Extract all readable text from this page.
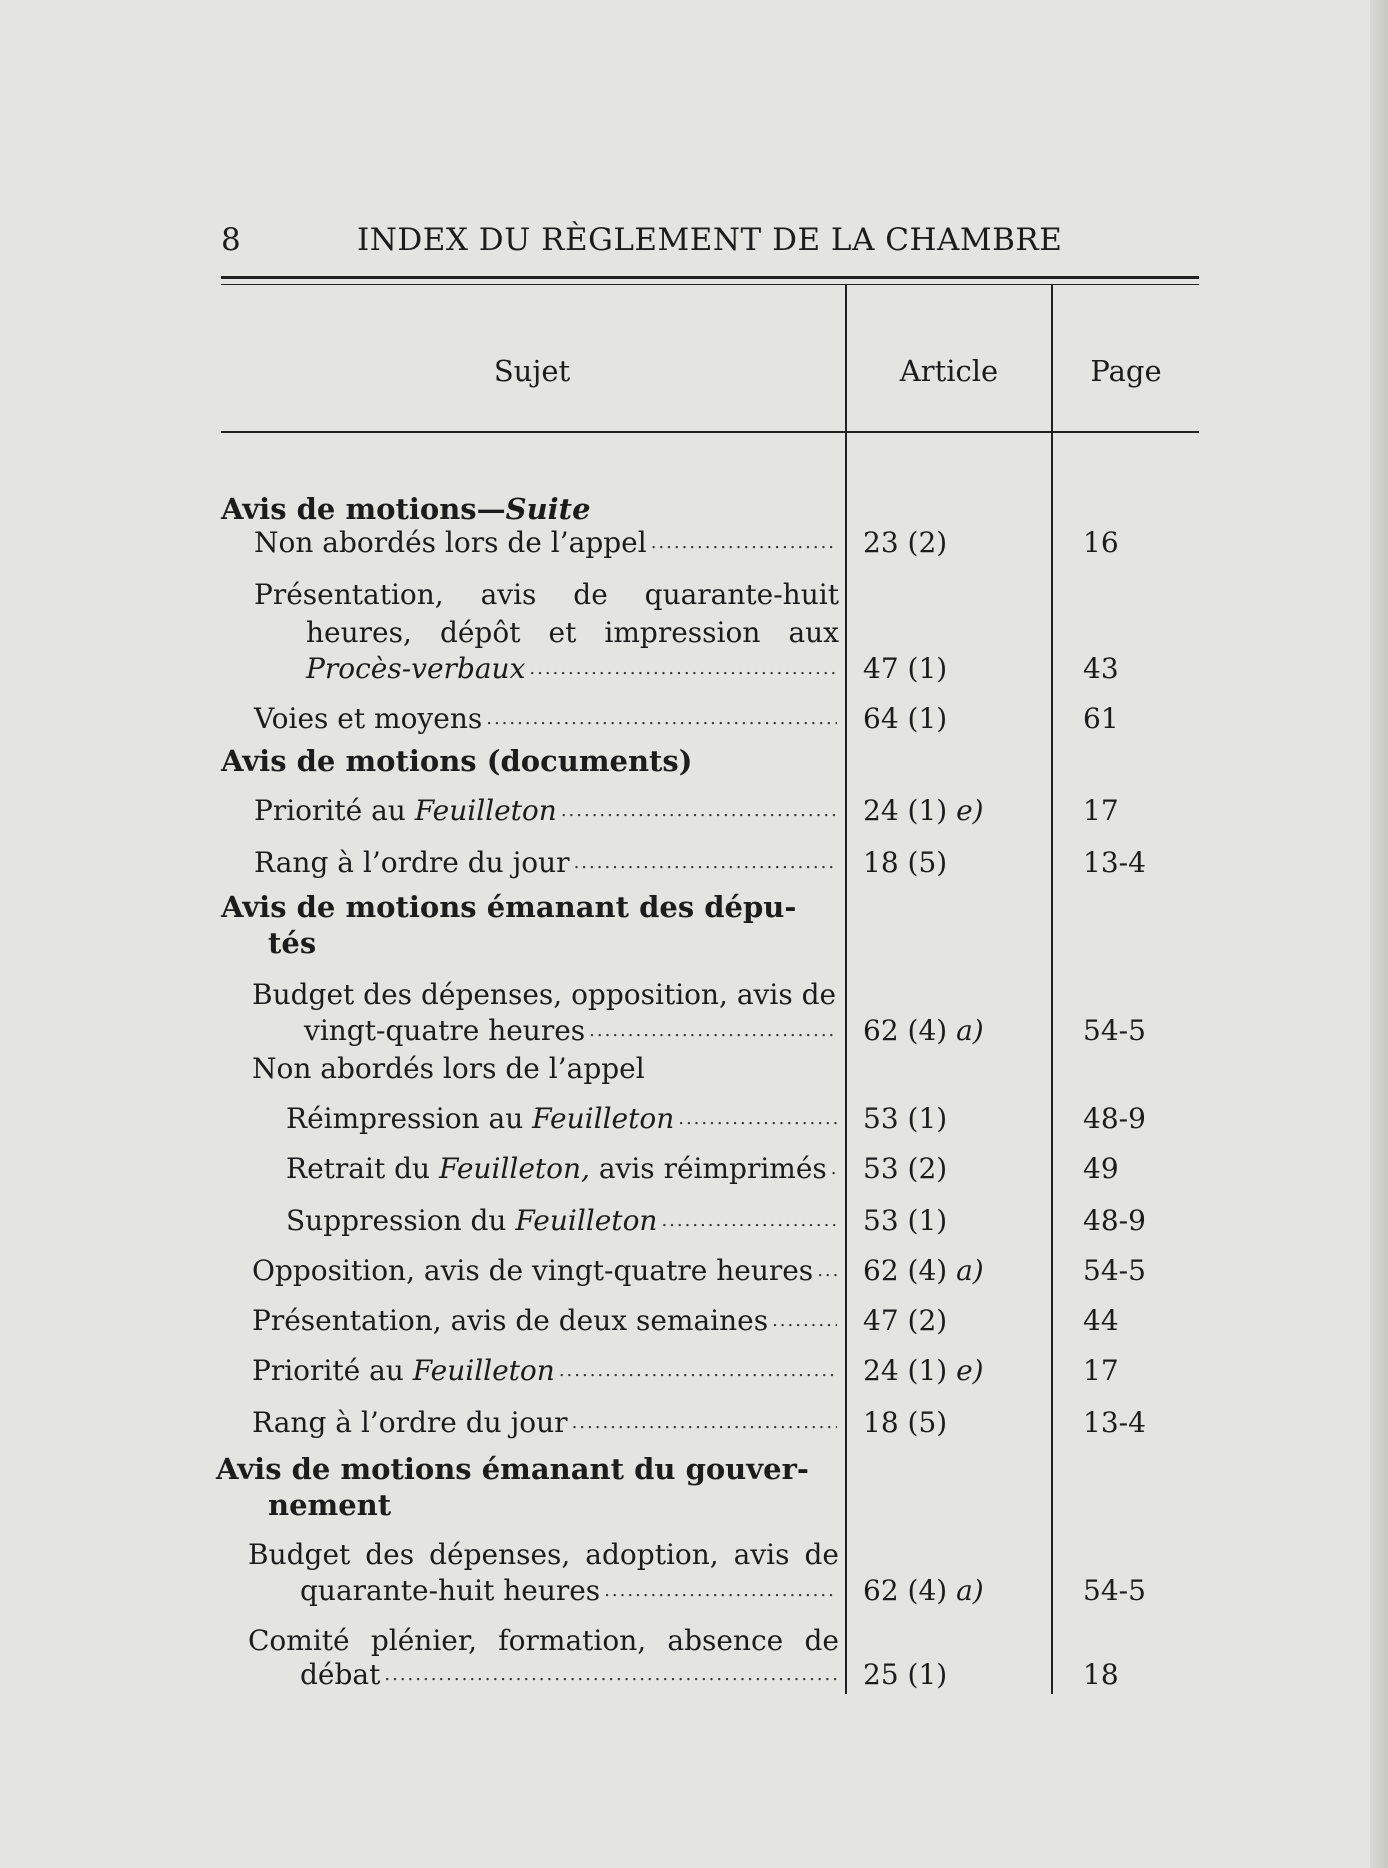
8	INDEX DU RÈGLEMENT DE LA CHAMBRE
Sujet	Article	Page
Avis de motions—Suite
Non abordés lors de l’appel .....	23 (2)	16
Présentation, avis de quarante-huit
heures, dépôt et impression aux
Procès-verbaux .....	47 (1)	43
Voies et moyens .....	64 (1)	61
Avis de motions (documents)
Priorité au
Feuilleton .....	24 (1) e)	17
Rang à l’ordre du jour .....	18 (5)	13-4
Avis de motions émanant des dépu-
tés
Budget des dépenses, opposition, avis de
vingt-quatre heures .....	62 (4) a)	54-5
Non abordés lors de l’appel
Réimpression au
Feuilleton .....	53 (1)	48-9
Retrait du
Feuilleton,
avis réimprimés .....	53 (2)	49
Suppression du
Feuilleton .....	53 (1)	48-9
Opposition, avis de vingt-quatre heures .....	62 (4) a)	54-5
Présentation, avis de deux semaines .....	47 (2)	44
Priorité au
Feuilleton .....	24 (1) e)	17
Rang à l’ordre du jour .....	18 (5)	13-4
Avis de motions émanant du gouver-
nement
Budget des dépenses, adoption, avis de
quarante-huit heures .....	62 (4) a)	54-5
Comité plénier, formation, absence de
débat .....	25 (1)	18
